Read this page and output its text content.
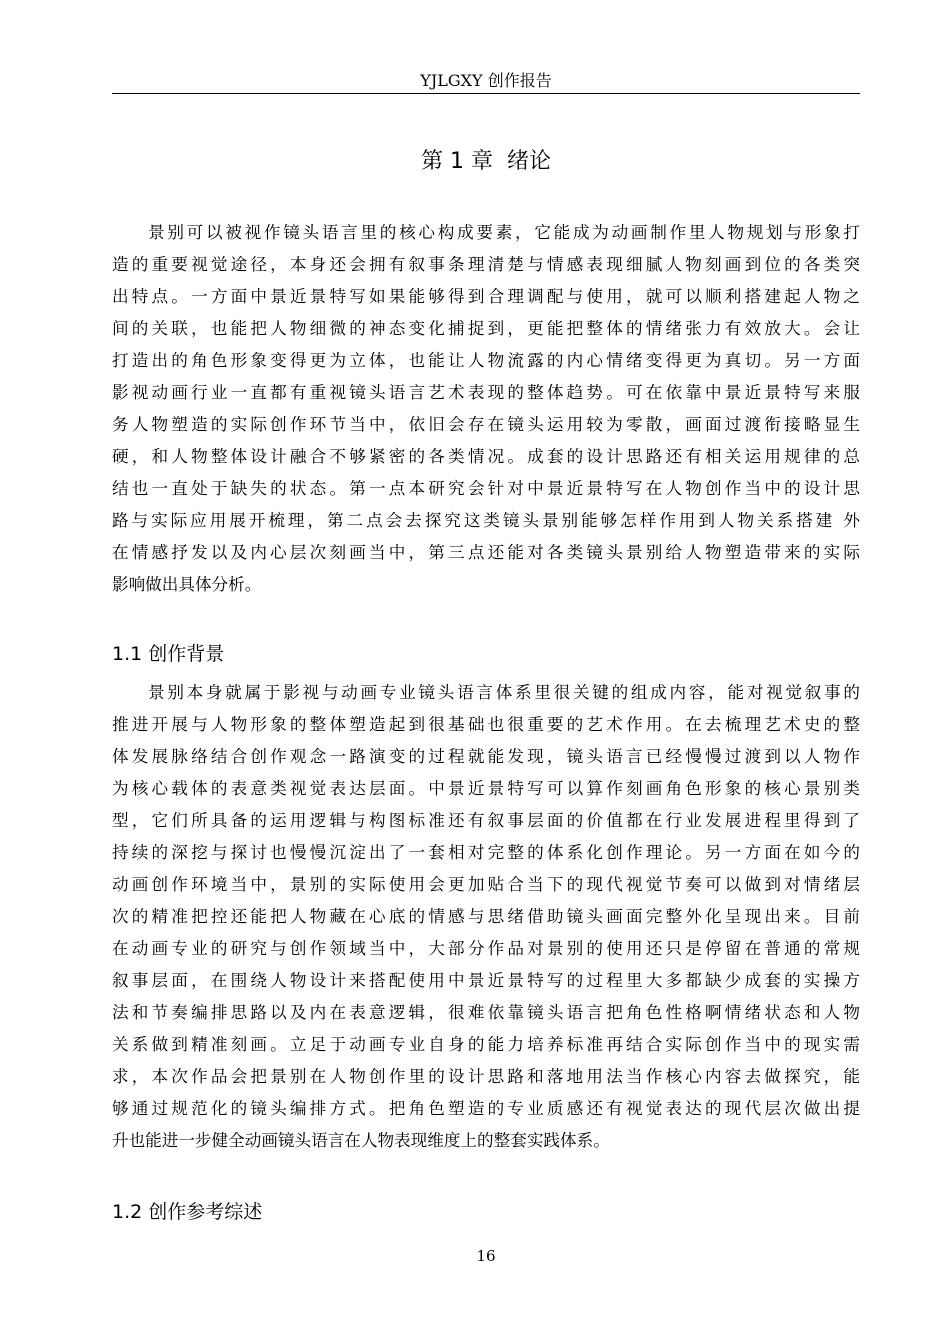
YJLGXY 创作报告
第 1 章  绪论
景别可以被视作镜头语言里的核心构成要素，它能成为动画制作里人物规划与形象打
造的重要视觉途径，本身还会拥有叙事条理清楚与情感表现细腻人物刻画到位的各类突
出特点。一方面中景近景特写如果能够得到合理调配与使用，就可以顺利搭建起人物之
间的关联，也能把人物细微的神态变化捕捉到，更能把整体的情绪张力有效放大。会让
打造出的角色形象变得更为立体，也能让人物流露的内心情绪变得更为真切。另一方面
影视动画行业一直都有重视镜头语言艺术表现的整体趋势。可在依靠中景近景特写来服
务人物塑造的实际创作环节当中，依旧会存在镜头运用较为零散，画面过渡衔接略显生
硬，和人物整体设计融合不够紧密的各类情况。成套的设计思路还有相关运用规律的总
结也一直处于缺失的状态。第一点本研究会针对中景近景特写在人物创作当中的设计思
路与实际应用展开梳理，第二点会去探究这类镜头景别能够怎样作用到人物关系搭建 外
在情感抒发以及内心层次刻画当中，第三点还能对各类镜头景别给人物塑造带来的实际
影响做出具体分析。
1.1 创作背景
景别本身就属于影视与动画专业镜头语言体系里很关键的组成内容，能对视觉叙事的
推进开展与人物形象的整体塑造起到很基础也很重要的艺术作用。在去梳理艺术史的整
体发展脉络结合创作观念一路演变的过程就能发现，镜头语言已经慢慢过渡到以人物作
为核心载体的表意类视觉表达层面。中景近景特写可以算作刻画角色形象的核心景别类
型，它们所具备的运用逻辑与构图标准还有叙事层面的价值都在行业发展进程里得到了
持续的深挖与探讨也慢慢沉淀出了一套相对完整的体系化创作理论。另一方面在如今的
动画创作环境当中，景别的实际使用会更加贴合当下的现代视觉节奏可以做到对情绪层
次的精准把控还能把人物藏在心底的情感与思绪借助镜头画面完整外化呈现出来。目前
在动画专业的研究与创作领域当中，大部分作品对景别的使用还只是停留在普通的常规
叙事层面，在围绕人物设计来搭配使用中景近景特写的过程里大多都缺少成套的实操方
法和节奏编排思路以及内在表意逻辑，很难依靠镜头语言把角色性格啊情绪状态和人物
关系做到精准刻画。立足于动画专业自身的能力培养标准再结合实际创作当中的现实需
求，本次作品会把景别在人物创作里的设计思路和落地用法当作核心内容去做探究，能
够通过规范化的镜头编排方式。把角色塑造的专业质感还有视觉表达的现代层次做出提
升也能进一步健全动画镜头语言在人物表现维度上的整套实践体系。
1.2 创作参考综述
16
